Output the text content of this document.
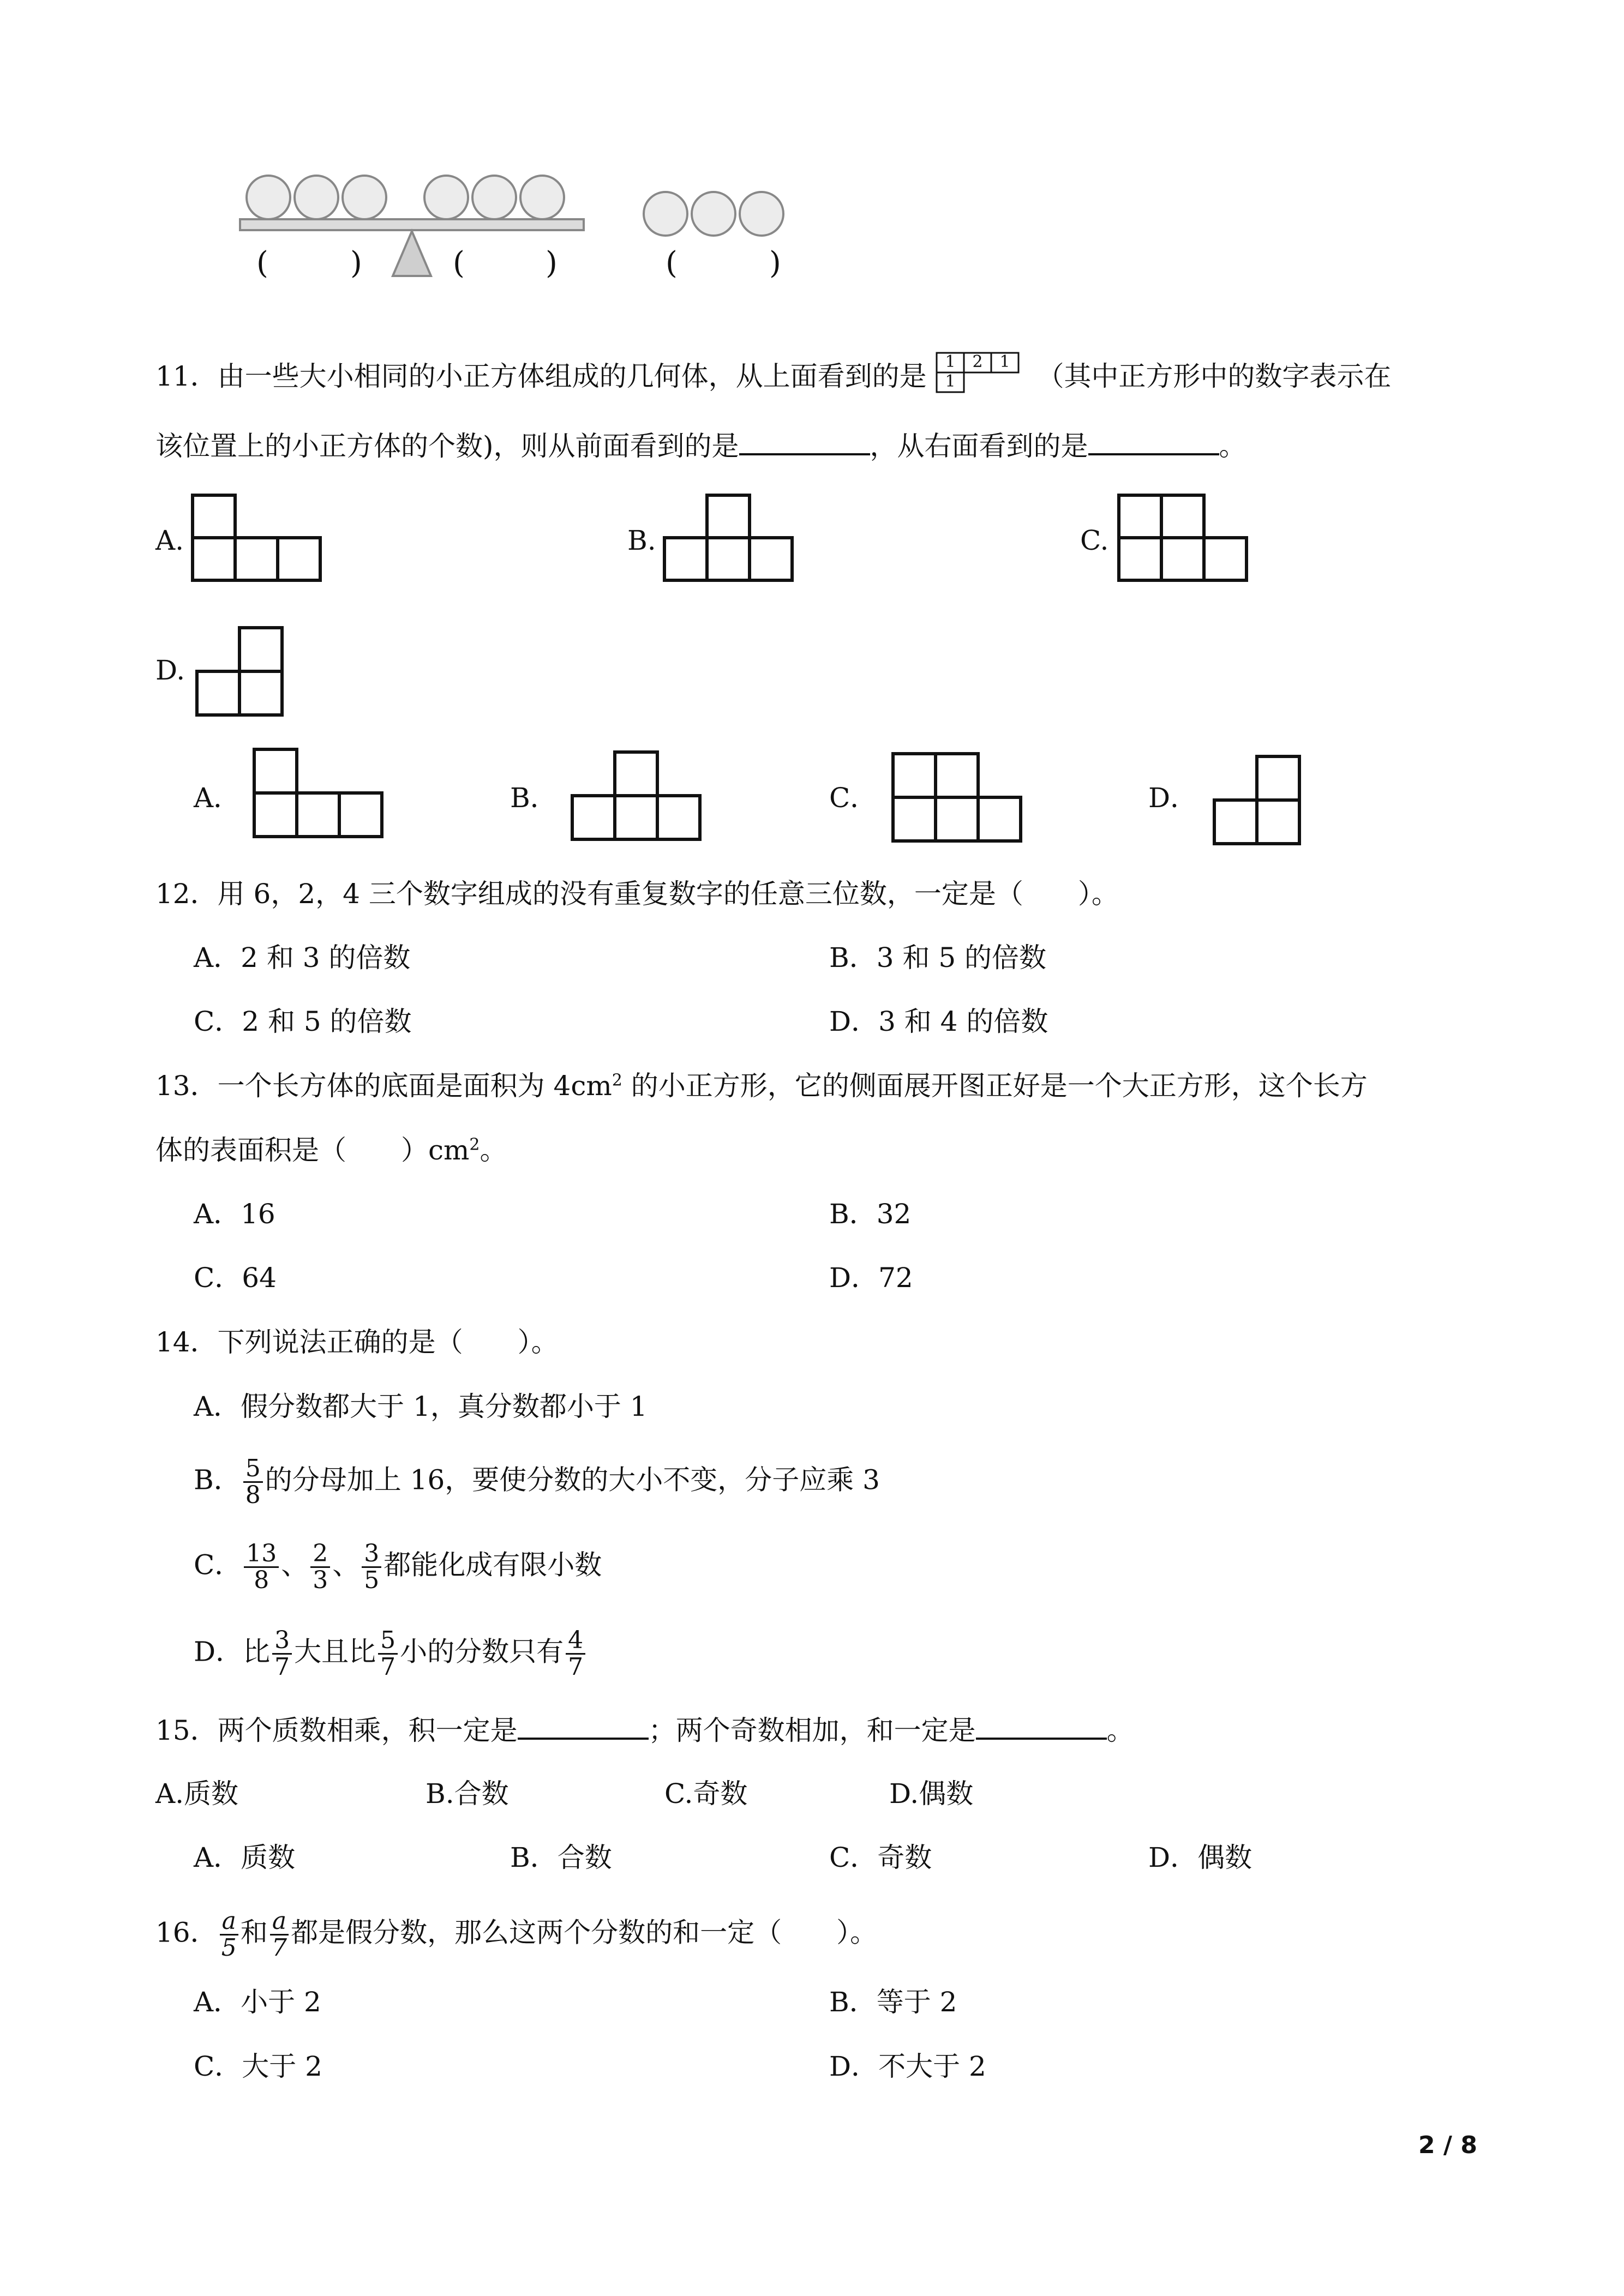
(	)	(	)	(	)
11．由一些大小相同的小正方体组成的几何体，从上面看到的是 1 2 1
1	（其中正方形中的数字表示在
该位置上的小正方体的个数)，则从前面看到的是	，从右面看到的是	。
A.	B.	C.
D.
A．	B．	C．	D．
12．用 6，2，4 三个数字组成的没有重复数字的任意三位数，一定是（　　）。
A．2 和 3 的倍数	B．3 和 5 的倍数
C．2 和 5 的倍数	D．3 和 4 的倍数
13．一个长方体的底面是面积为 $4cm^2$ 的小正方形，它的侧面展开图正好是一个大正方形，这个长方
体的表面积是（　　）$cm^2$。
A．16	B．32
C．64	D．72
14．下列说法正确的是（　　）。
A．假分数都大于 1，真分数都小于 1
B． $\frac{5}{8}$ 的分母加上 16，要使分数的大小不变，分子应乘 3
C． $\frac{13}{8}$ 、 $\frac{2}{3}$ 、 $\frac{3}{5}$ 都能化成有限小数
D．比 $\frac{3}{7}$ 大且比 $\frac{5}{7}$ 小的分数只有 $\frac{4}{7}$
15．两个质数相乘，积一定是	；两个奇数相加，和一定是	。
A.质数	B.合数	C.奇数	D.偶数
A．质数	B．合数	C．奇数	D．偶数
16． $\frac{a}{5}$ 和 $\frac{a}{7}$ 都是假分数，那么这两个分数的和一定（　　）。
A．小于 2	B．等于 2
C．大于 2	D．不大于 2
2 / 8
